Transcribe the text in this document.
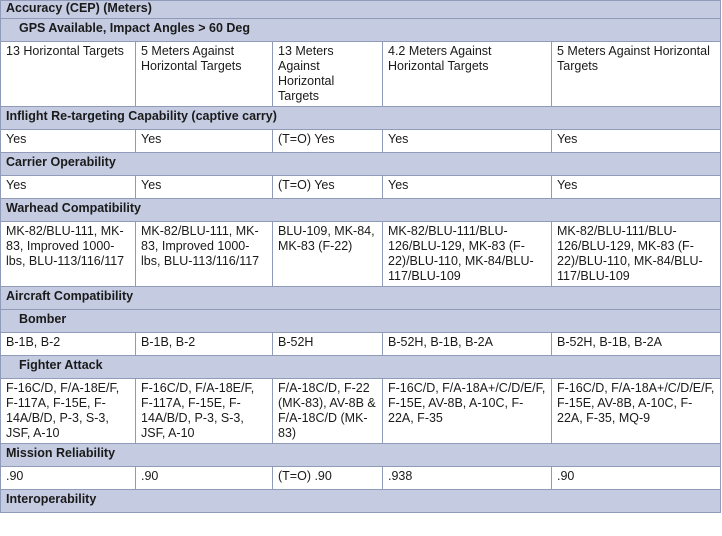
Accuracy (CEP) (Meters)				
GPS Available, Impact Angles > 60 Deg				
13 Horizontal Targets	5 Meters Against Horizontal Targets	13 Meters Against Horizontal Targets	4.2 Meters Against Horizontal Targets	5 Meters Against Horizontal Targets
Inflight Re-targeting Capability (captive carry)				
Yes	Yes	(T=O) Yes	Yes	Yes
Carrier Operability				
Yes	Yes	(T=O) Yes	Yes	Yes
Warhead Compatibility				
MK-82/BLU-111, MK-83, Improved 1000-lbs, BLU-113/116/117	MK-82/BLU-111, MK-83, Improved 1000-lbs, BLU-113/116/117	BLU-109, MK-84, MK-83 (F-22)	MK-82/BLU-111/BLU-126/BLU-129, MK-83 (F-22)/BLU-110, MK-84/BLU-117/BLU-109	MK-82/BLU-111/BLU-126/BLU-129, MK-83 (F-22)/BLU-110, MK-84/BLU-117/BLU-109
Aircraft Compatibility				
Bomber				
B-1B, B-2	B-1B, B-2	B-52H	B-52H, B-1B, B-2A	B-52H, B-1B, B-2A
Fighter Attack				
F-16C/D, F/A-18E/F, F-117A, F-15E, F-14A/B/D, P-3, S-3, JSF, A-10	F-16C/D, F/A-18E/F, F-117A, F-15E, F-14A/B/D, P-3, S-3, JSF, A-10	F/A-18C/D, F-22 (MK-83), AV-8B & F/A-18C/D (MK-83)	F-16C/D, F/A-18A+/C/D/E/F, F-15E, AV-8B, A-10C, F-22A, F-35	F-16C/D, F/A-18A+/C/D/E/F, F-15E, AV-8B, A-10C, F-22A, F-35, MQ-9
Mission Reliability				
.90	.90	(T=O) .90	.938	.90
Interoperability				
